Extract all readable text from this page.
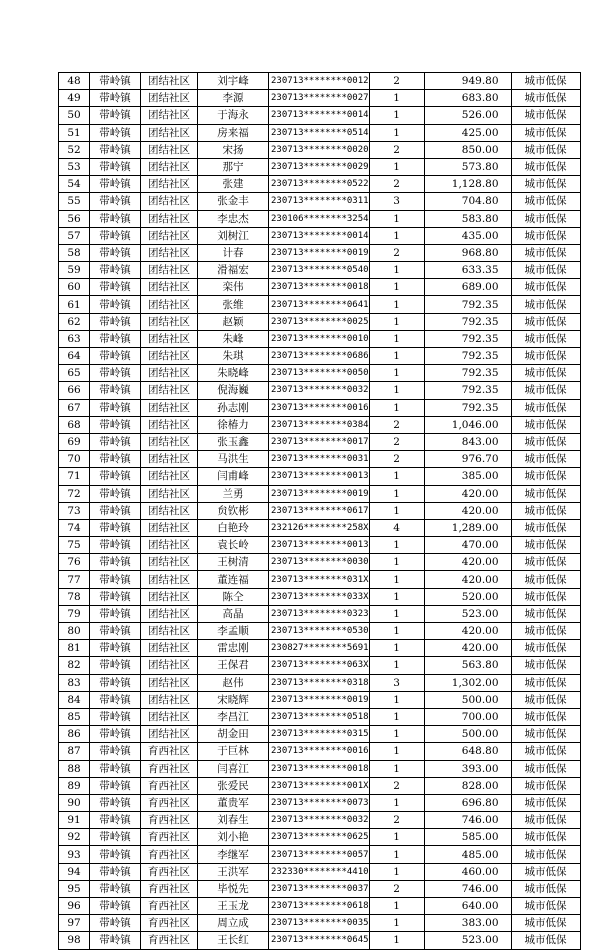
48	带岭镇	团结社区	刘宇峰	230713********0012	2	949.80	城市低保
49	带岭镇	团结社区	李源	230713********0027	1	683.80	城市低保
50	带岭镇	团结社区	于海永	230713********0014	1	526.00	城市低保
51	带岭镇	团结社区	房来福	230713********0514	1	425.00	城市低保
52	带岭镇	团结社区	宋扬	230713********0020	2	850.00	城市低保
53	带岭镇	团结社区	那宁	230713********0029	1	573.80	城市低保
54	带岭镇	团结社区	张建	230713********0522	2	1,128.80	城市低保
55	带岭镇	团结社区	张金丰	230713********0311	3	704.80	城市低保
56	带岭镇	团结社区	李忠杰	230106********3254	1	583.80	城市低保
57	带岭镇	团结社区	刘树江	230713********0014	1	435.00	城市低保
58	带岭镇	团结社区	计春	230713********0019	2	968.80	城市低保
59	带岭镇	团结社区	滑福宏	230713********0540	1	633.35	城市低保
60	带岭镇	团结社区	栾伟	230713********0018	1	689.00	城市低保
61	带岭镇	团结社区	张维	230713********0641	1	792.35	城市低保
62	带岭镇	团结社区	赵颖	230713********0025	1	792.35	城市低保
63	带岭镇	团结社区	朱峰	230713********0010	1	792.35	城市低保
64	带岭镇	团结社区	朱琪	230713********0686	1	792.35	城市低保
65	带岭镇	团结社区	朱晓峰	230713********0050	1	792.35	城市低保
66	带岭镇	团结社区	倪海巍	230713********0032	1	792.35	城市低保
67	带岭镇	团结社区	孙志刚	230713********0016	1	792.35	城市低保
68	带岭镇	团结社区	徐椿力	230713********0384	2	1,046.00	城市低保
69	带岭镇	团结社区	张玉鑫	230713********0017	2	843.00	城市低保
70	带岭镇	团结社区	马洪生	230713********0031	2	976.70	城市低保
71	带岭镇	团结社区	闫甫峰	230713********0013	1	385.00	城市低保
72	带岭镇	团结社区	兰勇	230713********0019	1	420.00	城市低保
73	带岭镇	团结社区	贠钦彬	230713********0617	1	420.00	城市低保
74	带岭镇	团结社区	白艳玲	232126********258X	4	1,289.00	城市低保
75	带岭镇	团结社区	袁长岭	230713********0013	1	470.00	城市低保
76	带岭镇	团结社区	王树清	230713********0030	1	420.00	城市低保
77	带岭镇	团结社区	董连福	230713********031X	1	420.00	城市低保
78	带岭镇	团结社区	陈仝	230713********033X	1	520.00	城市低保
79	带岭镇	团结社区	高晶	230713********0323	1	523.00	城市低保
80	带岭镇	团结社区	李孟顺	230713********0530	1	420.00	城市低保
81	带岭镇	团结社区	雷忠刚	230827********5691	1	420.00	城市低保
82	带岭镇	团结社区	王保君	230713********063X	1	563.80	城市低保
83	带岭镇	团结社区	赵伟	230713********0318	3	1,302.00	城市低保
84	带岭镇	团结社区	宋晓辉	230713********0019	1	500.00	城市低保
85	带岭镇	团结社区	李昌江	230713********0518	1	700.00	城市低保
86	带岭镇	团结社区	胡金田	230713********0315	1	500.00	城市低保
87	带岭镇	育西社区	于巨林	230713********0016	1	648.80	城市低保
88	带岭镇	育西社区	闫喜江	230713********0018	1	393.00	城市低保
89	带岭镇	育西社区	张爱民	230713********001X	2	828.00	城市低保
90	带岭镇	育西社区	董贵军	230713********0073	1	696.80	城市低保
91	带岭镇	育西社区	刘春生	230713********0032	2	746.00	城市低保
92	带岭镇	育西社区	刘小艳	230713********0625	1	585.00	城市低保
93	带岭镇	育西社区	李继军	230713********0057	1	485.00	城市低保
94	带岭镇	育西社区	王洪军	232330********4410	1	460.00	城市低保
95	带岭镇	育西社区	毕悦先	230713********0037	2	746.00	城市低保
96	带岭镇	育西社区	王玉龙	230713********0618	1	640.00	城市低保
97	带岭镇	育西社区	周立成	230713********0035	1	383.00	城市低保
98	带岭镇	育西社区	王长红	230713********0645	1	523.00	城市低保
